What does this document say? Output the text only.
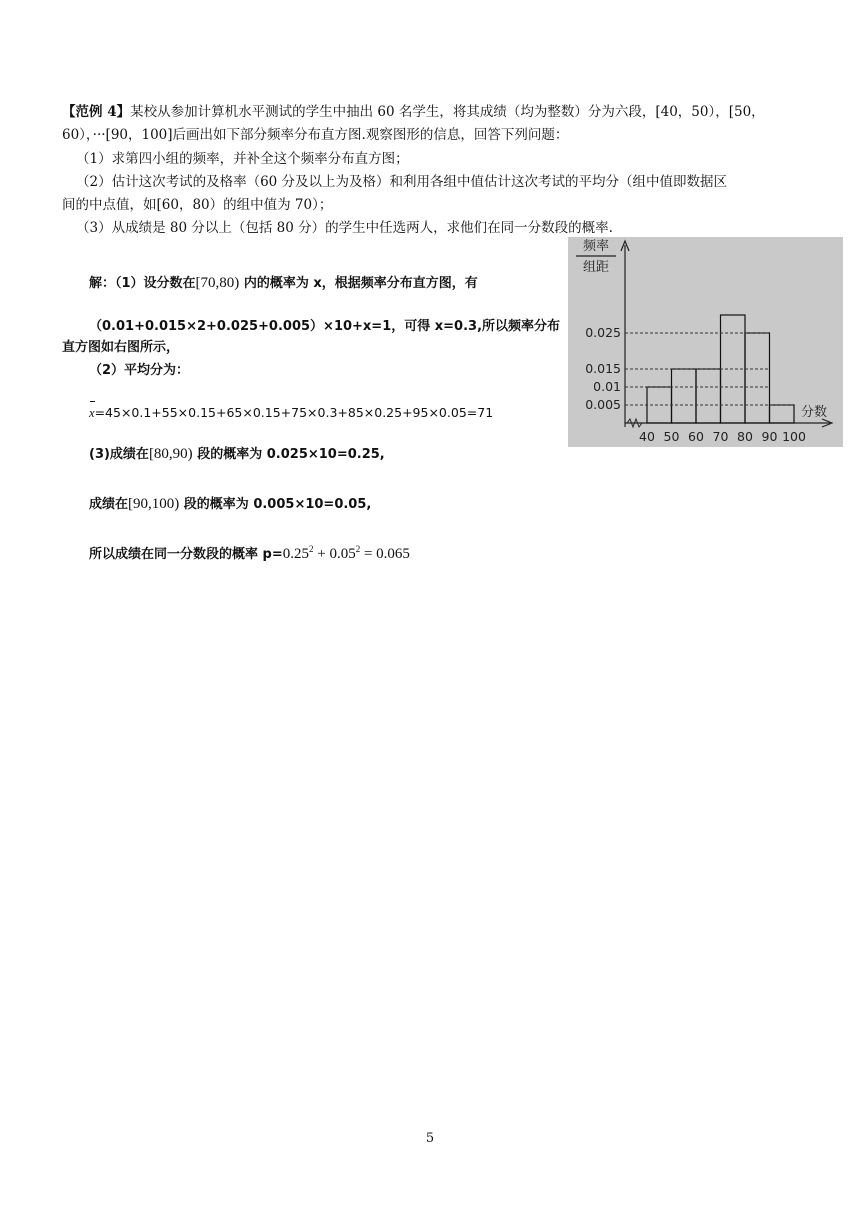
【范例 4】某校从参加计算机水平测试的学生中抽出 60 名学生，将其成绩（均为整数）分为六段，[40，50），[50，
60），···[90，100]后画出如下部分频率分布直方图.观察图形的信息，回答下列问题：
（1）求第四小组的频率，并补全这个频率分布直方图；
（2）估计这次考试的及格率（60 分及以上为及格）和利用各组中值估计这次考试的平均分（组中值即数据区
间的中点值，如[60，80）的组中值为 70）；
（3）从成绩是 80 分以上（包括 80 分）的学生中任选两人，求他们在同一分数段的概率.
解：（1）设分数在[70,80) 内的概率为 x，根据频率分布直方图，有
（0.01+0.015×2+0.025+0.005）×10+x=1，可得 x=0.3,所以频率分布
直方图如右图所示，
（2）平均分为：
x=45×0.1+55×0.15+65×0.15+75×0.3+85×0.25+95×0.05=71
(3)成绩在[80,90) 段的概率为 0.025×10=0.25,
成绩在[90,100) 段的概率为 0.005×10=0.05,
所以成绩在同一分数段的概率 $p=0.25^2 + 0.05^2 = 0.065$
频率
组距
0.025
0.015
0.01
0.005
40 50 60 70 80 90 100
分数
5
